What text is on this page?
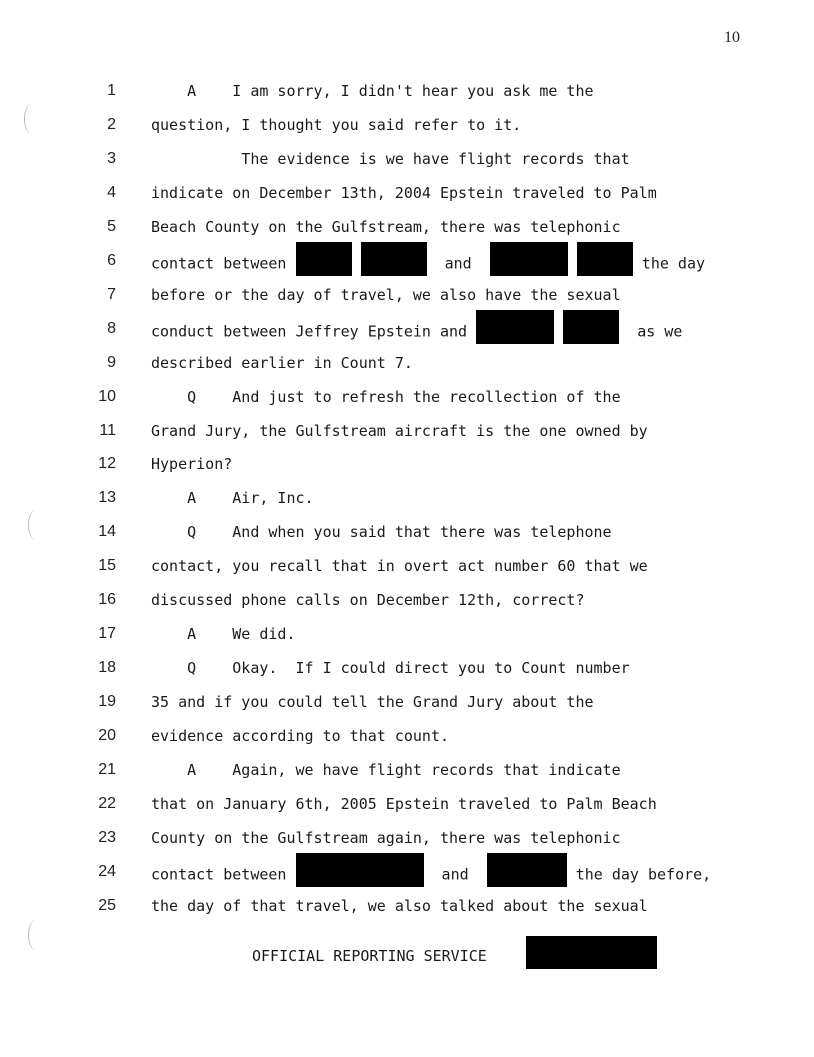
10
1 A    I am sorry, I didn't hear you ask me the
2 question, I thought you said refer to it.
3 The evidence is we have flight records that
4 indicate on December 13th, 2004 Epstein traveled to Palm
5 Beach County on the Gulfstream, there was telephonic
6 contact between	and	the day
7 before or the day of travel, we also have the sexual
8 conduct between Jeffrey Epstein and	as we
9 described earlier in Count 7.
10 Q    And just to refresh the recollection of the
11 Grand Jury, the Gulfstream aircraft is the one owned by
12 Hyperion?
13 A    Air, Inc.
14 Q    And when you said that there was telephone
15 contact, you recall that in overt act number 60 that we
16 discussed phone calls on December 12th, correct?
17 A    We did.
18 Q    Okay.  If I could direct you to Count number
19 35 and if you could tell the Grand Jury about the
20 evidence according to that count.
21 A    Again, we have flight records that indicate
22 that on January 6th, 2005 Epstein traveled to Palm Beach
23 County on the Gulfstream again, there was telephonic
24 contact between	and	the day before,
25 the day of that travel, we also talked about the sexual
OFFICIAL REPORTING SERVICE
